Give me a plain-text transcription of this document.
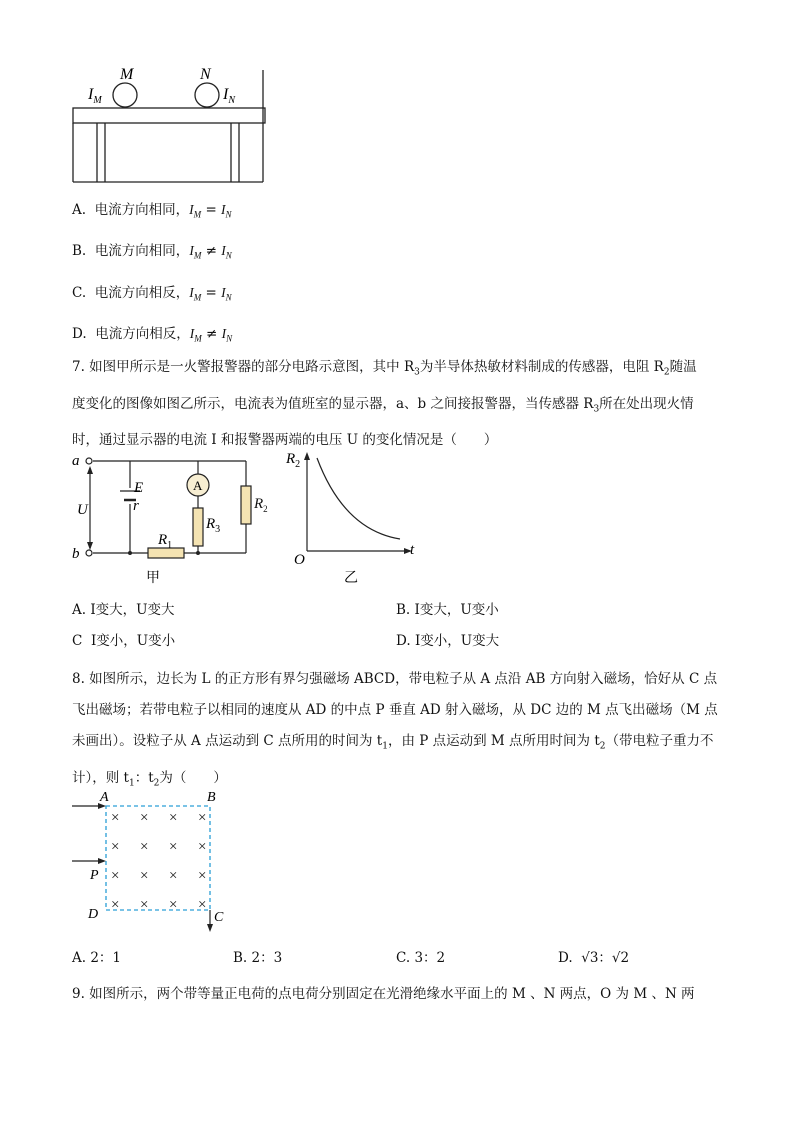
M	N
$I_M$	$I_N$
A. 电流方向相同，$I_M = I_N$
B. 电流方向相同，$I_M \ne I_N$
C. 电流方向相反，$I_M = I_N$
D. 电流方向相反，$I_M \ne I_N$
7. 如图甲所示是一火警报警器的部分电路示意图，其中 $R_3$为半导体热敏材料制成的传感器，电阻 $R_2$随温
度变化的图像如图乙所示，电流表为值班室的显示器，a、b 之间接报警器，当传感器 $R_3$所在处出现火情
时，通过显示器的电流 I 和报警器两端的电压 U 的变化情况是（　　）
a
b
U
E
r
A
$R_3$
$R_1$
甲
$R_2$
$R_2$
t
O
乙
A. I变大，U变大	B. I变大，U变小
C I变小，U变小	D. I变小，U变大
8. 如图所示，边长为 L 的正方形有界匀强磁场 ABCD，带电粒子从 A 点沿 AB 方向射入磁场，恰好从 C 点
飞出磁场；若带电粒子以相同的速度从 AD 的中点 P 垂直 AD 射入磁场，从 DC 边的 M 点飞出磁场（M 点
未画出）。设粒子从 A 点运动到 C 点所用的时间为 $t_1$，由 P 点运动到 M 点所用时间为 $t_2$（带电粒子重力不
计），则 $t_1$：$t_2$为（　　）
× × × ×
× × × ×
× × × ×
× × × ×
A	B
D	C
P
A. 2：1	B. 2：3	C. 3：2	D. √3：√2
9. 如图所示，两个带等量正电荷的点电荷分别固定在光滑绝缘水平面上的 M 、N 两点，O 为 M 、N 两
